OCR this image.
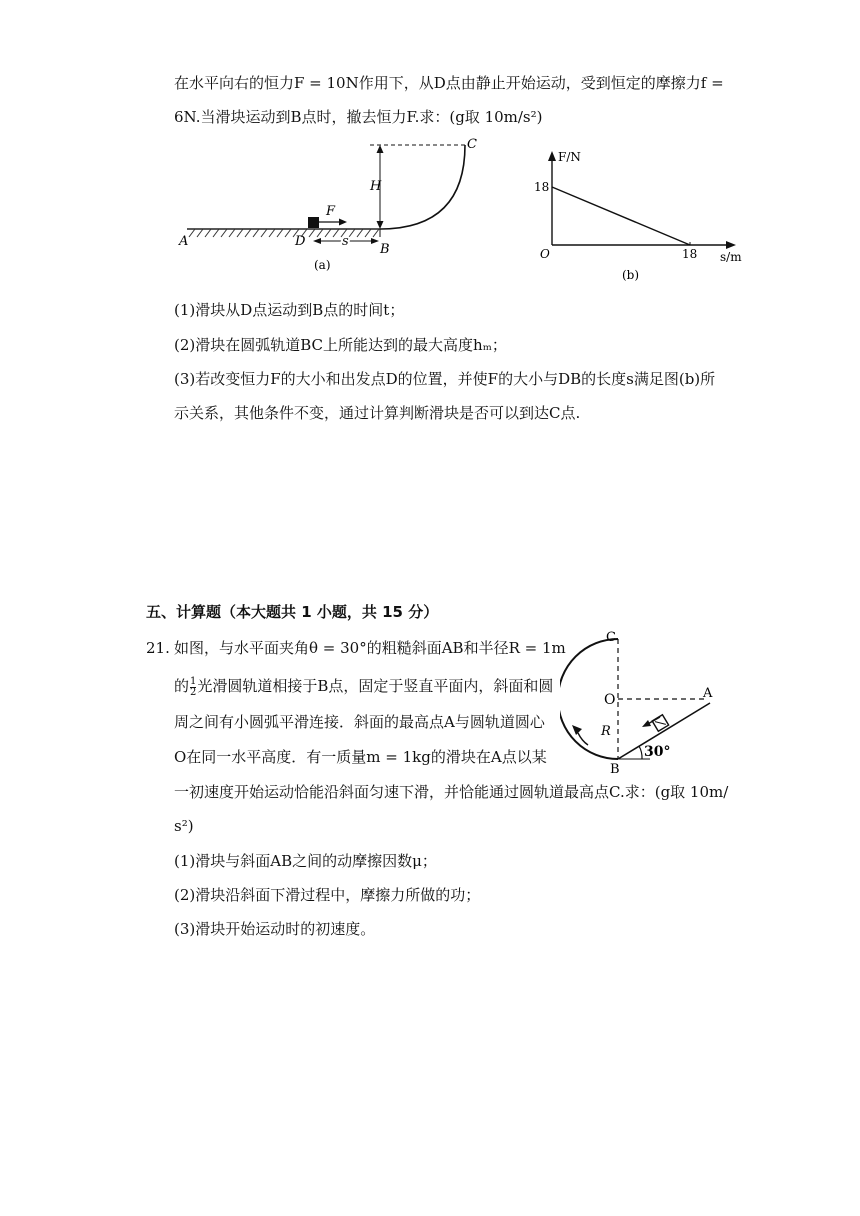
在水平向右的恒力F = 10N作用下，从D点由静止开始运动，受到恒定的摩擦力f =
6N.当滑块运动到B点时，撤去恒力F.求：(g取 10m/s²)
F
s
H
C
A	D
B
(a)
F/N
18
O	18 s/m
(b)
(1)滑块从D点运动到B点的时间t；
(2)滑块在圆弧轨道BC上所能达到的最大高度hₘ；
(3)若改变恒力F的大小和出发点D的位置，并使F的大小与DB的长度s满足图(b)所
示关系，其他条件不变，通过计算判断滑块是否可以到达C点.
五、计算题（本大题共 1 小题，共 15 分）
21. 如图，与水平面夹角θ = 30°的粗糙斜面AB和半径R = 1m
的 $\frac{1}{2}$ 光滑圆轨道相接于B点，固定于竖直平面内，斜面和圆
周之间有小圆弧平滑连接．斜面的最高点A与圆轨道圆心
O在同一水平高度．有一质量m = 1kg的滑块在A点以某
一初速度开始运动恰能沿斜面匀速下滑，并恰能通过圆轨道最高点C.求：(g取 10m/
s²)
C
O	A
R
B
30°
(1)滑块与斜面AB之间的动摩擦因数μ；
(2)滑块沿斜面下滑过程中，摩擦力所做的功；
(3)滑块开始运动时的初速度。
